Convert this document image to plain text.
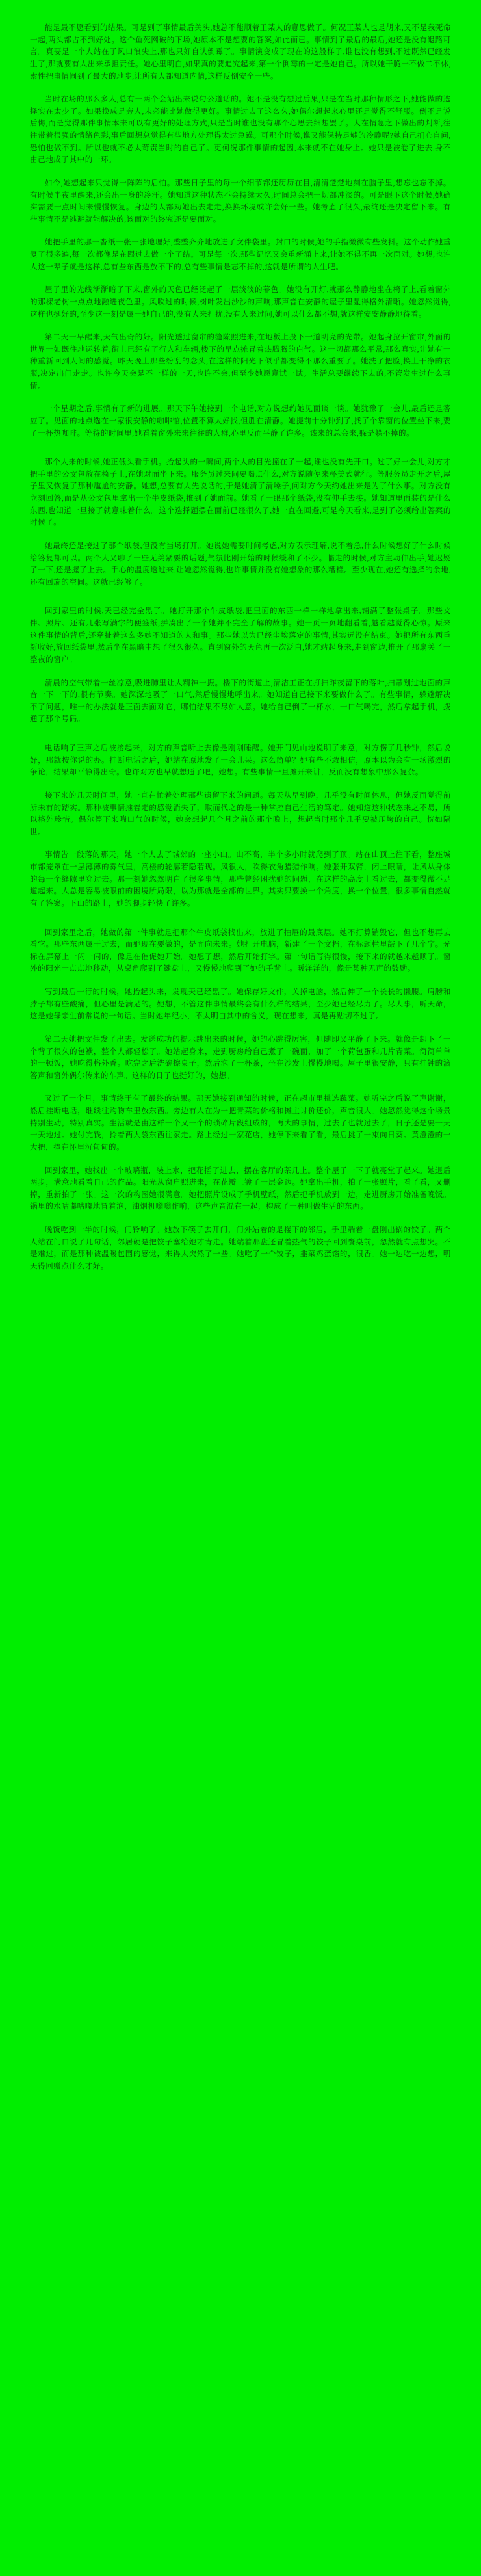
能是最不愿看到的结果。可是到了事情最后关头,她总不能顺着王某人的意思做了。何况王某人也是胡来,又不是我死命一起,两头都占不到好处。这个鱼死网破的下场,她原本不是想要的答案,如此而已。事情到了最后的最后,她还是没有退路可言。真要是一个人站在了风口浪尖上,那也只好自认倒霉了。事情演变成了现在的这般样子,谁也没有想到,不过既然已经发生了,那就要有人出来承担责任。她心里明白,如果真的要追究起来,第一个倒霉的一定是她自己。所以她干脆一不做二不休,索性把事情闹到了最大的地步,让所有人都知道内情,这样反倒安全一些。

当时在场的那么多人,总有一两个会站出来说句公道话的。她不是没有想过后果,只是在当时那种情形之下,她能做的选择实在太少了。如果换成是旁人,未必能比她做得更好。事情过去了这么久,她偶尔想起来心里还是觉得不舒服。倒不是说后悔,而是觉得那件事情本来可以有更好的处理方式,只是当时谁也没有那个心思去细想罢了。人在情急之下做出的判断,往往带着很强的情绪色彩,事后回想总觉得有些地方处理得太过急躁。可那个时候,谁又能保持足够的冷静呢?她自己扪心自问,恐怕也做不到。所以也就不必太苛责当时的自己了。更何况那件事情的起因,本来就不在她身上。她只是被卷了进去,身不由己地成了其中的一环。

如今,她想起来只觉得一阵阵的后怕。那些日子里的每一个细节都还历历在目,清清楚楚地刻在脑子里,想忘也忘不掉。有时候半夜里醒来,还会出一身的冷汗。她知道这种状态不会持续太久,时间总会把一切都冲淡的。可是眼下这个时候,她确实需要一点时间来慢慢恢复。身边的人都劝她出去走走,换换环境或许会好一些。她考虑了很久,最终还是决定留下来。有些事情不是逃避就能解决的,该面对的终究还是要面对。

她把手里的那一沓纸一张一张地理好,整整齐齐地放进了文件袋里。封口的时候,她的手指微微有些发抖。这个动作她重复了很多遍,每一次都像是在跟过去做一个了结。可是每一次,那些记忆又会重新涌上来,让她不得不再一次面对。她想,也许人这一辈子就是这样,总有些东西是放不下的,总有些事情是忘不掉的,这就是所谓的人生吧。

屋子里的光线渐渐暗了下来,窗外的天色已经泛起了一层淡淡的暮色。她没有开灯,就那么静静地坐在椅子上,看着窗外的那棵老树一点点地融进夜色里。风吹过的时候,树叶发出沙沙的声响,那声音在安静的屋子里显得格外清晰。她忽然觉得,这样也挺好的,至少这一刻是属于她自己的,没有人来打扰,没有人来过问,她可以什么都不想,就这样安安静静地待着。

第二天一早醒来,天气出奇的好。阳光透过窗帘的缝隙照进来,在地板上投下一道明亮的光带。她起身拉开窗帘,外面的世界一如既往地运转着,街上已经有了行人和车辆,楼下的早点摊冒着热腾腾的白气。这一切都那么平常,那么真实,让她有一种重新回到人间的感觉。昨天晚上那些纷乱的念头,在这样的阳光下似乎都变得不那么重要了。她洗了把脸,换上干净的衣服,决定出门走走。也许今天会是不一样的一天,也许不会,但至少她愿意试一试。生活总要继续下去的,不管发生过什么事情。

一个星期之后,事情有了新的进展。那天下午她接到一个电话,对方说想约她见面谈一谈。她犹豫了一会儿,最后还是答应了。见面的地点选在一家很安静的咖啡馆,位置不算太好找,但胜在清静。她提前十分钟到了,找了个靠窗的位置坐下来,要了一杯热咖啡。等待的时间里,她看着窗外来来往往的人群,心里反而平静了许多。该来的总会来,躲是躲不掉的。

那个人来的时候,她正低头看手机。抬起头的一瞬间,两个人的目光撞在了一起,谁也没有先开口。过了好一会儿,对方才把手里的公文包放在椅子上,在她对面坐下来。服务员过来问要喝点什么,对方说随便来杯美式就行。等服务员走开之后,屋子里又恢复了那种尴尬的安静。她想,总要有人先说话的,于是她清了清嗓子,问对方今天约她出来是为了什么事。对方没有立刻回答,而是从公文包里拿出一个牛皮纸袋,推到了她面前。她看了一眼那个纸袋,没有伸手去接。她知道里面装的是什么东西,也知道一旦接了就意味着什么。这个选择题摆在面前已经很久了,她一直在回避,可是今天看来,是到了必须给出答案的时候了。

她最终还是接过了那个纸袋,但没有当场打开。她说她需要时间考虑,对方表示理解,说不着急,什么时候想好了什么时候给答复都可以。两个人又聊了一些无关紧要的话题,气氛比刚开始的时候缓和了不少。临走的时候,对方主动伸出手,她迟疑了一下,还是握了上去。手心的温度透过来,让她忽然觉得,也许事情并没有她想象的那么糟糕。至少现在,她还有选择的余地,还有回旋的空间。这就已经够了。

回到家里的时候,天已经完全黑了。她打开那个牛皮纸袋,把里面的东西一样一样地拿出来,铺满了整张桌子。那些文件、照片、还有几张写满字的便签纸,拼凑出了一个她并不完全了解的故事。她一页一页地翻看着,越看越觉得心惊。原来这件事情的背后,还牵扯着这么多她不知道的人和事。那些她以为已经尘埃落定的事情,其实远没有结束。她把所有东西重新收好,放回纸袋里,然后坐在黑暗中想了很久很久。直到窗外的天色再一次泛白,她才站起身来,走到窗边,推开了那扇关了一整夜的窗户。

清晨的空气带着一丝凉意,吸进肺里让人精神一振。楼下的街道上,清洁工正在打扫昨夜留下的落叶,扫帚划过地面的声音一下一下的,很有节奏。她深深地吸了一口气,然后慢慢地呼出来。她知道自己接下来要做什么了。有些事情，躲避解决不了问题，唯一的办法就是正面去面对它，哪怕结果不尽如人意。她给自己倒了一杯水，一口气喝完，然后拿起手机，拨通了那个号码。

电话响了三声之后被接起来，对方的声音听上去像是刚刚睡醒。她开门见山地说明了来意，对方愣了几秒钟，然后说好，那就按你说的办。挂断电话之后，她站在原地发了一会儿呆。这么简单？她有些不敢相信，原本以为会有一场激烈的争论，结果却平静得出奇。也许对方也早就想通了吧，她想。有些事情一旦摊开来讲，反而没有想象中那么复杂。

接下来的几天时间里，她一直在忙着处理那些遗留下来的问题。每天从早到晚，几乎没有时间休息，但她反而觉得前所未有的踏实。那种被事情推着走的感觉消失了，取而代之的是一种掌控自己生活的笃定。她知道这种状态来之不易，所以格外珍惜。偶尔停下来喘口气的时候，她会想起几个月之前的那个晚上，想起当时那个几乎要被压垮的自己。恍如隔世。

事情告一段落的那天，她一个人去了城郊的一座小山。山不高，半个多小时就爬到了顶。站在山顶上往下看，整座城市都笼罩在一层薄薄的雾气里，高楼的轮廓若隐若现。风很大，吹得衣角猎猎作响。她张开双臂，闭上眼睛，让风从身体的每一个缝隙里穿过去。那一刻她忽然明白了很多事情，那些曾经困扰她的问题，在这样的高度上看过去，都变得微不足道起来。人总是容易被眼前的困境所局限，以为那就是全部的世界。其实只要换一个角度，换一个位置，很多事情自然就有了答案。下山的路上，她的脚步轻快了许多。

回到家里之后，她做的第一件事就是把那个牛皮纸袋找出来，放进了抽屉的最底层。她不打算销毁它，但也不想再去看它。那些东西属于过去，而她现在要做的，是面向未来。她打开电脑，新建了一个文档，在标题栏里敲下了几个字。光标在屏幕上一闪一闪的，像是在催促她开始。她想了想，然后开始打字。第一句话写得很慢，接下来的就越来越顺了。窗外的阳光一点点地移动，从桌角爬到了键盘上，又慢慢地爬到了她的手背上。暖洋洋的，像是某种无声的鼓励。

写到最后一行的时候，她抬起头来，发现天已经黑了。她保存好文件，关掉电脑，然后伸了一个长长的懒腰。肩膀和脖子都有些酸痛，但心里是满足的。她想，不管这件事情最终会有什么样的结果，至少她已经尽力了。尽人事，听天命，这是她母亲生前常说的一句话。当时她年纪小，不太明白其中的含义，现在想来，真是再贴切不过了。

第二天她把文件发了出去。发送成功的提示跳出来的时候，她的心跳得厉害，但随即又平静了下来。就像是卸下了一个背了很久的包袱，整个人都轻松了。她站起身来，走到厨房给自己煮了一碗面，加了一个荷包蛋和几片青菜。简简单单的一顿饭，她吃得格外香。吃完之后洗碗擦桌子，然后泡了一杯茶，坐在沙发上慢慢地喝。屋子里很安静，只有挂钟的滴答声和窗外偶尔传来的车声。这样的日子也挺好的，她想。

又过了一个月，事情终于有了最终的结果。那天她接到通知的时候，正在超市里挑选蔬菜。她听完之后说了声谢谢，然后挂断电话，继续往购物车里放东西。旁边有人在为一把青菜的价格和摊主讨价还价，声音很大。她忽然觉得这个场景特别生动，特别真实。生活就是由这样一个又一个的琐碎片段组成的，再大的事情，过去了也就过去了，日子还是要一天一天地过。她付完钱，拎着两大袋东西往家走。路上经过一家花店，她停下来看了看，最后挑了一束向日葵。黄澄澄的一大把，捧在怀里沉甸甸的。

回到家里，她找出一个玻璃瓶，装上水，把花插了进去，摆在客厅的茶几上。整个屋子一下子就亮堂了起来。她退后两步，满意地看着自己的作品。阳光从窗户照进来，在花瓣上镀了一层金边。她拿出手机，拍了一张照片，看了看，又删掉，重新拍了一张。这一次的构图她很满意。她把照片设成了手机壁纸，然后把手机放到一边，走进厨房开始准备晚饭。锅里的水咕嘟咕嘟地冒着泡，油烟机嗡嗡作响，这些声音混在一起，构成了一种叫做生活的东西。

晚饭吃到一半的时候，门铃响了。她放下筷子去开门，门外站着的是楼下的邻居，手里端着一盘刚出锅的饺子。两个人站在门口说了几句话，邻居硬是把饺子塞给她才肯走。她端着那盘还冒着热气的饺子回到餐桌前，忽然就有点想哭。不是难过，而是那种被温暖包围的感觉，来得太突然了一些。她吃了一个饺子，韭菜鸡蛋馅的，很香。她一边吃一边想，明天得回赠点什么才好。
